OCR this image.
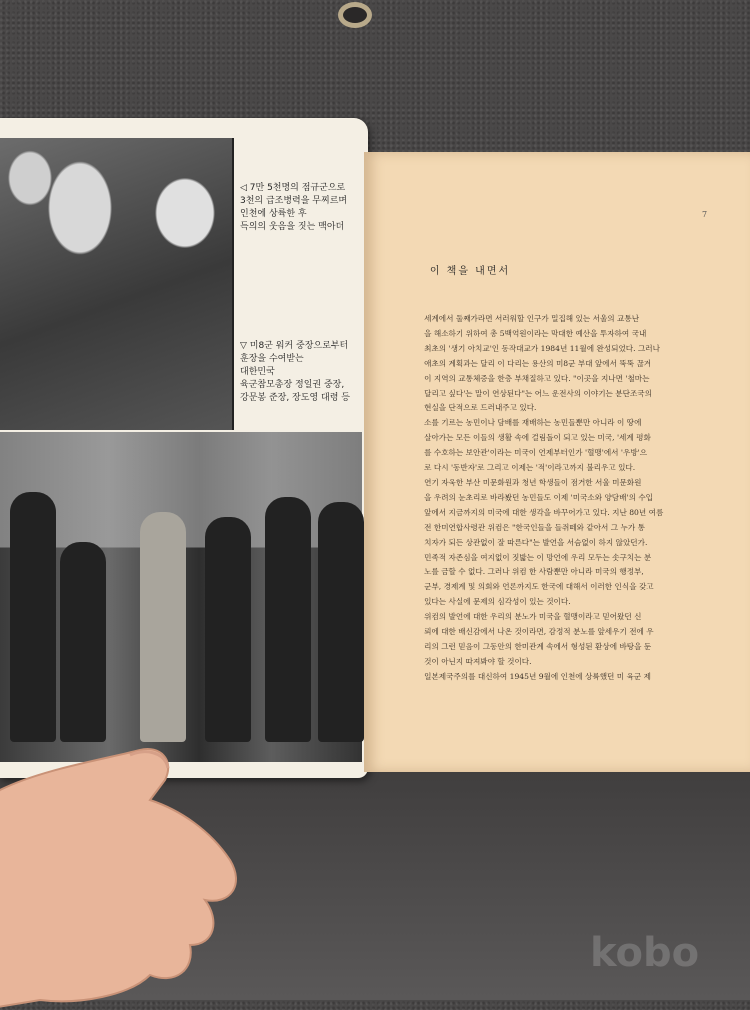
◁ 7만 5천명의 점규군으로
3천의 급조병력을 무찌르며
인천에 상륙한 후
득의의 웃음을 짓는 맥아더
▽ 미8군 워커 중장으로부터
훈장을 수여받는
대한민국
육군참모총장 정일권 중장,
강문봉 준장, 장도영 대령 등
7
이 책을 내면서

세계에서 둘째가라면 서러워할 인구가 밀집해 있는 서울의 교통난
을 해소하기 위하여 총 5백억원이라는 막대한 예산을 투자하여 국내
최초의 '생기 아치교'인 동작대교가 1984년 11월에 완성되었다. 그러나
애초의 계획과는 달리 이 다리는 용산의 미8군 부대 앞에서 뚝뚝 끊겨
이 지역의 교통체증을 한층 부채질하고 있다. "이곳을 지나면 '철마는
달리고 싶다'는 말이 연상된다"는 어느 운전사의 이야기는 분단조국의
현실을 단적으로 드러내주고 있다.

소를 기르는 농민이나 담배를 재배하는 농민들뿐만 아니라 이 땅에
살아가는 모든 이들의 생활 속에 걸림돌이 되고 있는 미국, '세계 평화
를 수호하는 보안관'이라는 미국이 언제부터인가 '혈맹'에서 '우방'으
로 다시 '동반자'로 그리고 이제는 '적'이라고까지 불리우고 있다.

연기 자욱한 부산 미문화원과 청년 학생들이 점거한 서울 미문화원
을 우려의 눈초리로 바라봤던 농민들도 이제 '미국소와 양담배'의 수입
앞에서 지금까지의 미국에 대한 생각을 바꾸어가고 있다. 지난 80년 여름
전 한미연합사령관 위컴은 "한국인들을 들쥐떼와 같아서 그 누가 통
치자가 되든 상관없이 잘 따른다"는 발언을 서슴없이 하지 않았던가.
민족적 자존심을 여지없이 짓밟는 이 망언에 우리 모두는 솟구치는 분
노를 금할 수 없다. 그러나 위컴 한 사람뿐만 아니라 미국의 행정부,
군부, 경제계 및 의회와 언론까지도 한국에 대해서 이러한 인식을 갖고
있다는 사실에 문제의 심각성이 있는 것이다.

위컴의 발언에 대한 우리의 분노가 미국을 혈맹이라고 믿어왔던 신
뢰에 대한 배신감에서 나온 것이라면, 감정적 분노를 앞세우기 전에 우
리의 그런 믿음이 그동안의 한미관계 속에서 형성된 환상에 바탕을 둔
것이 아닌지 따져봐야 할 것이다.

일본제국주의를 대신하여 1945년 9월에 인천에 상륙했던 미 육군 제

kobo
